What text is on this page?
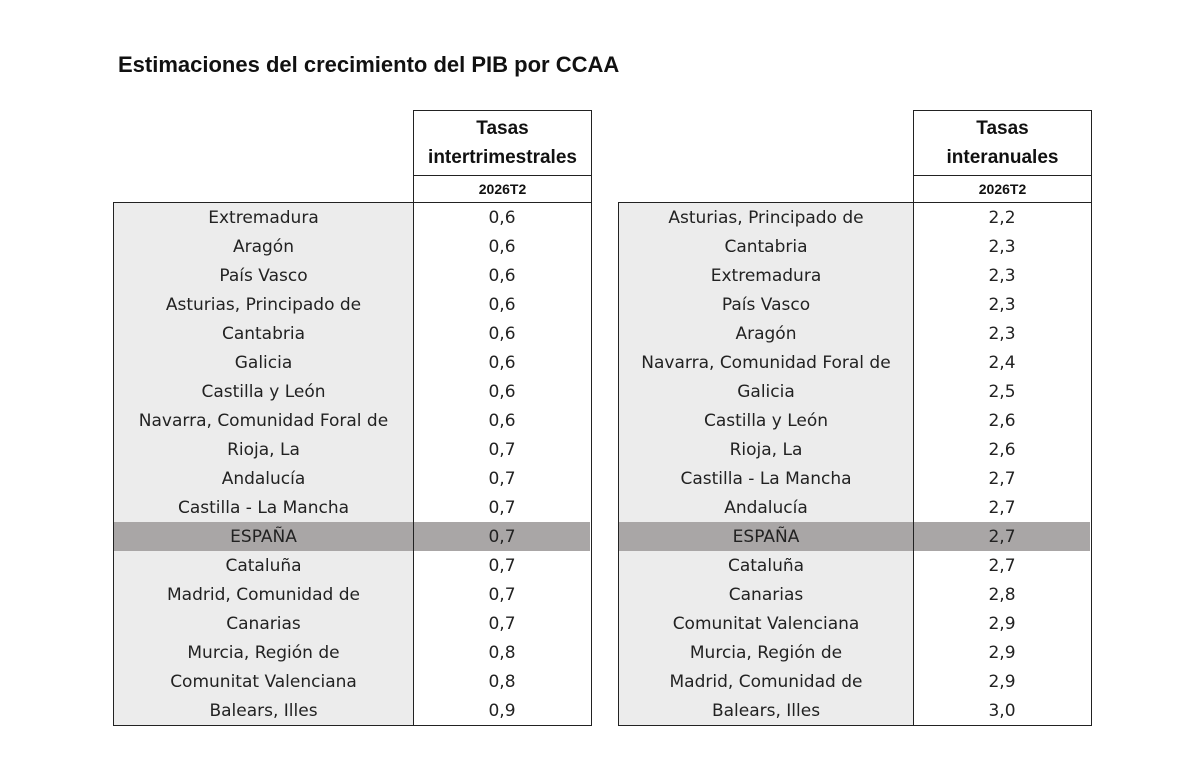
Estimaciones del crecimiento del PIB por CCAA
Tasas
intertrimestrales
2026T2
Extremadura
Aragón
País Vasco
Asturias, Principado de
Cantabria
Galicia
Castilla y León
Navarra, Comunidad Foral de
Rioja, La
Andalucía
Castilla - La Mancha
ESPAÑA
Cataluña
Madrid, Comunidad de
Canarias
Murcia, Región de
Comunitat Valenciana
Balears, Illes
0,6
0,6
0,6
0,6
0,6
0,6
0,6
0,6
0,7
0,7
0,7
0,7
0,7
0,7
0,7
0,8
0,8
0,9
Tasas
interanuales
2026T2
Asturias, Principado de
Cantabria
Extremadura
País Vasco
Aragón
Navarra, Comunidad Foral de
Galicia
Castilla y León
Rioja, La
Castilla - La Mancha
Andalucía
ESPAÑA
Cataluña
Canarias
Comunitat Valenciana
Murcia, Región de
Madrid, Comunidad de
Balears, Illes
2,2
2,3
2,3
2,3
2,3
2,4
2,5
2,6
2,6
2,7
2,7
2,7
2,7
2,8
2,9
2,9
2,9
3,0
